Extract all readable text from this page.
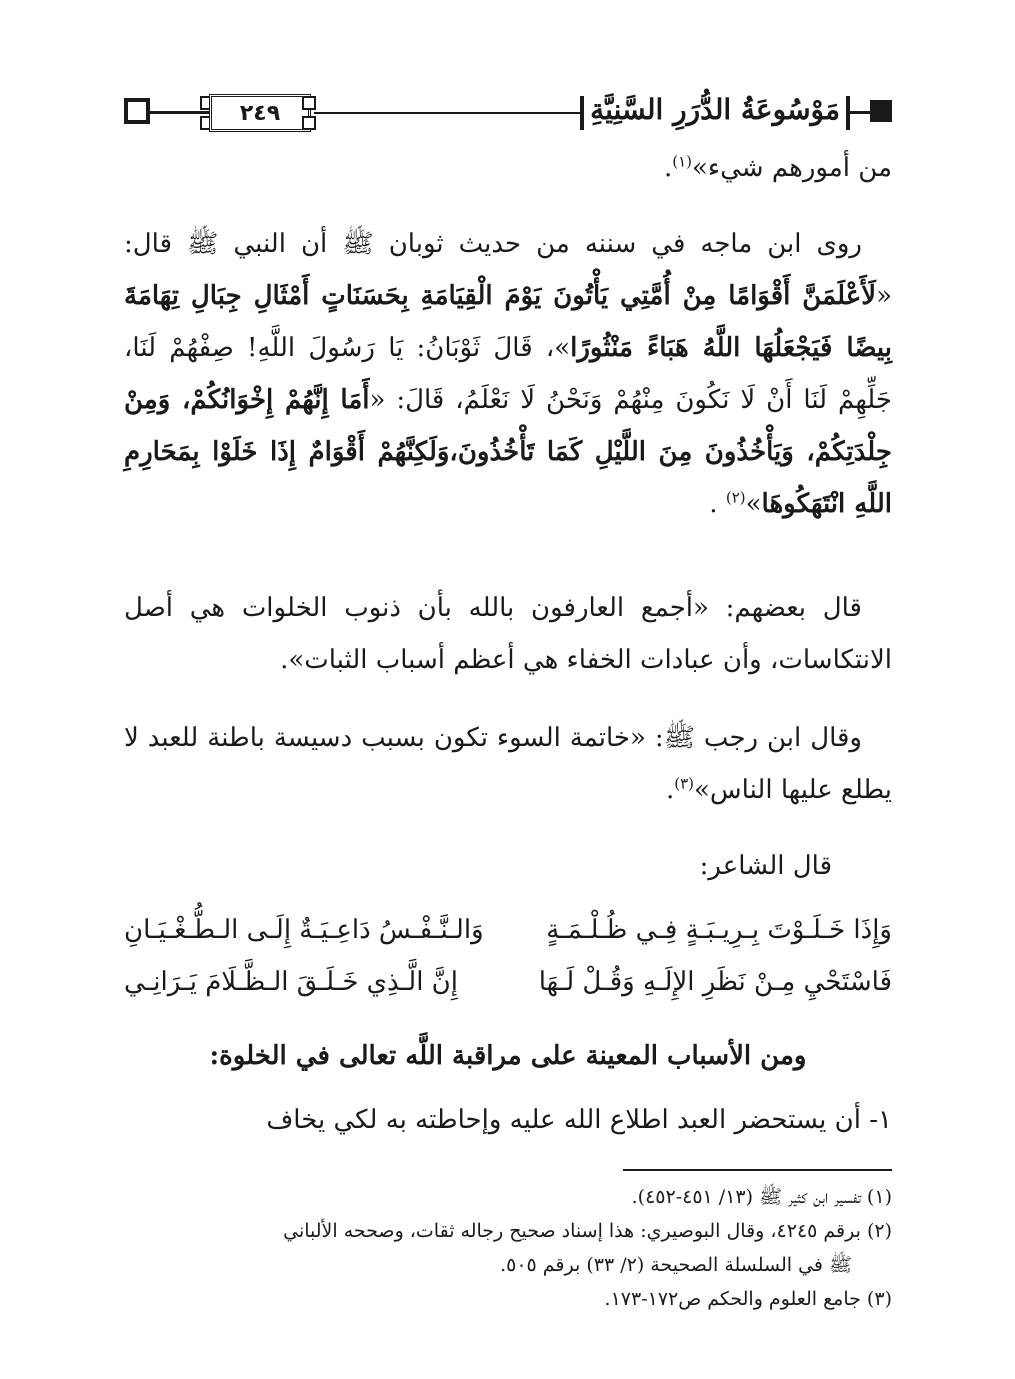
٢٤٩	مَوْسُوعَةُ الدُّرَرِ السَّنِيَّةِ

من أمورهم شيء»$^{(١)}$.

روى ابن ماجه في سننه من حديث ثوبان ﷺ أن النبي ﷺ قال: «لَأَعْلَمَنَّ أَقْوَامًا مِنْ أُمَّتِي يَأْتُونَ يَوْمَ الْقِيَامَةِ بِحَسَنَاتٍ أَمْثَالِ جِبَالِ تِهَامَةَ بِيضًا فَيَجْعَلُهَا اللَّهُ هَبَاءً مَنْثُورًا»، قَالَ ثَوْبَانُ: يَا رَسُولَ اللَّهِ! صِفْهُمْ لَنَا، جَلِّهِمْ لَنَا أَنْ لَا نَكُونَ مِنْهُمْ وَنَحْنُ لَا نَعْلَمُ، قَالَ: «أَمَا إِنَّهُمْ إِخْوَانُكُمْ، وَمِنْ جِلْدَتِكُمْ، وَيَأْخُذُونَ مِنَ اللَّيْلِ كَمَا تَأْخُذُونَ،وَلَكِنَّهُمْ أَقْوَامٌ إِذَا خَلَوْا بِمَحَارِمِ اللَّهِ انْتَهَكُوهَا»$^{(٢)}$ .

قال بعضهم: «أجمع العارفون بالله بأن ذنوب الخلوات هي أصل الانتكاسات، وأن عبادات الخفاء هي أعظم أسباب الثبات».

وقال ابن رجب ﷺ: «خاتمة السوء تكون بسبب دسيسة باطنة للعبد لا يطلع عليها الناس»$^{(٣)}$.

قال الشاعر:

وَإِذَا خَـلَـوْتَ بِـرِيـبَـةٍ فِـي ظُـلْـمَـةٍ
وَالـنَّـفْـسُ دَاعِـيَـةٌ إِلَـى الـطُّـغْـيَـانِ
فَاسْتَحْيِ مِـنْ نَظَرِ الإِلَـهِ وَقُـلْ لَـهَا
إِنَّ الَّـذِي خَـلَـقَ الـظَّـلَامَ يَـرَانِـي
ومن الأسباب المعينة على مراقبة اللَّه تعالى في الخلوة:

١- أن يستحضر العبد اطلاع الله عليه وإحاطته به لكي يخاف

(١) تفسير ابن كثير ﷺ (١٣/ ٤٥١-٤٥٢).

(٢) برقم ٤٢٤٥، وقال البوصيري: هذا إسناد صحيح رجاله ثقات، وصححه الألباني

ﷺ في السلسلة الصحيحة (٢/ ٣٣) برقم ٥٠٥.

(٣) جامع العلوم والحكم ص١٧٢-١٧٣.
